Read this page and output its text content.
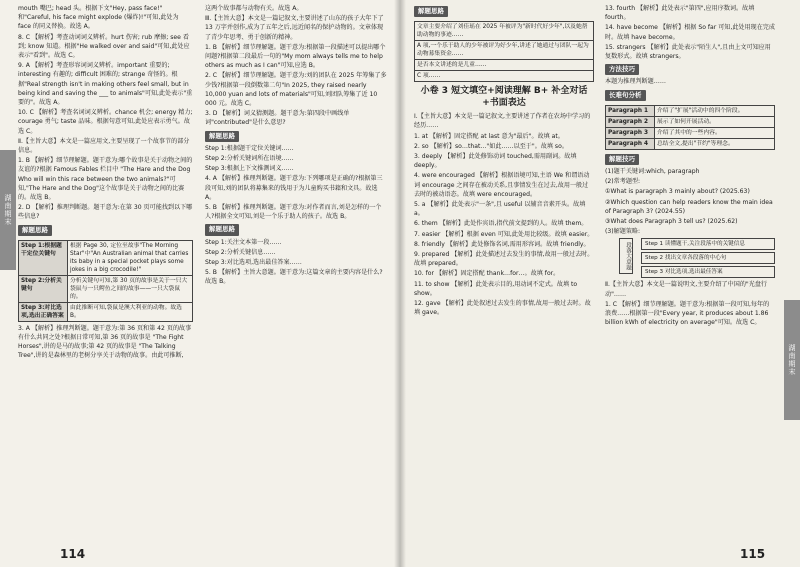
mouth 嘴巴; head 头。根据下文"Hey, pass face!" 和"Careful, his face might explode (爆炸)!"可知,此处为 face 的同义替换。故选 A。

8. C 【解析】考查动词词义辨析。hurt 伤害; rub 摩擦; see 看到; know 知道。根据"He walked over and said"可知,此处应表示"看到"。故选 C。

9. A 【解析】考查形容词词义辨析。important 重要的; interesting 有趣的; difficult 困难的; strange 奇怪的。根据"Real strength isn't in making others feel small, but in being kind and saving the ___ to animals"可知,此处表示"重要的"。故选 A。

10. C 【解析】考查名词词义辨析。chance 机会; energy 精力; courage 勇气; taste 品味。根据句意可知,此处应表示勇气。故选 C。

Ⅱ.【主旨大意】本文是一篇应用文,主要呈现了一个故事节的部分信息。

1. B 【解析】细节理解题。题干意为:哪个故事是关于动物之间的友谊的?根据 Famous Fables 栏目中 "The Hare and the Dog Who will win this race between the two animals?"可知,"The Hare and the Dog"这个故事是关于动物之间的比赛的。故选 B。

2. D 【解析】推理判断题。题干意为:在第 30 页可能找到以下哪些信息?

解题思路
Step 1:根据题干定位关键句	根据 Page 30, 定位至故事"The Morning Star"中"An Australian animal that carries its baby in a special pocket plays some jokes in a big crocodile!"
Step 2:分析关键句	分析关键句可知,第 30 页的故事是关于一只大袋鼠与一只鳄鱼之间的故事——一只大袋鼠的。
Step 3:对比选项,选出正确答案	由此推断可知,袋鼠是澳大利亚的动物。故选 B。

3. A 【解析】推理判断题。题干意为:第 36 页和第 42 页的故事有什么共同之处?根据日常可知,第 36 页的故事是 "The Fight Horses",讲的是马的故事;第 42 页的故事是 "The Talking Tree",讲的是森林里的老树分享关于动物的故事。由此可推断,

这两个故事都与动物有关。故选 A。

Ⅲ.【主旨大意】本文是一篇记叙文,主要讲述了山东的孩子大年下了 13 万字并创作,成为了五年之后,远近闻名的保护动物的。文章体现了青少年思考、勇于创新的精神。

1. B 【解析】细节理解题。题干意为:根据第一段描述可以提出哪个问题?根据第二段最后一句的"My mom always tells me to help others as much as I can"可知,应选 B。

2. C 【解析】细节理解题。题干意为:刘的团队在 2025 年筹集了多少钱?根据第一段倒数第二句"In 2025, they raised nearly 10,000 yuan and lots of materials"可知,刘团队筹集了近 10 000 元。故选 C。

3. D 【解析】词义猜测题。题干意为:第四段中画线单词"contributed"是什么意思?

解题思路

Step 1:根据题干定位关键词……

Step 2:分析关键词所在语境……

Step 3:根据上下文推测词义……

4. A 【解析】推理判断题。题干意为:下列哪项是正确的?根据第三段可知,刘的团队将募集来的钱用于为儿童购买书籍和文具。故选 A。

5. B 【解析】推理判断题。题干意为:对作者而言,刘是怎样的一个人?根据全文可知,刘是一个乐于助人的孩子。故选 B。

解题思路

Step 1:关注文本第一段……

Step 2:分析关键信息……

Step 3:对比选项,选出最佳答案……

5. B 【解析】主旨大意题。题干意为:这篇文章的主要内容是什么?故选 B。

湖南期末
114
解题思路
文章主要介绍了刘佳瑶在 2025 年被评为"新时代好少年",以及她帮助动物的事迹……
A 项,一个乐于助人的少年被评为好少年,讲述了她通过与团队一起为动物募集资金……
是否本文讲述的是儿童……
C 项……
小卷 3 短文填空+阅读理解 B+ 补全对话+书面表达

Ⅰ.【主旨大意】本文是一篇记叙文,主要讲述了作者在农场中学习的经历……

1. at 【解析】固定搭配 at last 意为"最后"。故填 at。

2. so 【解析】so…that…"如此……以至于"。故填 so。

3. deeply 【解析】此处修饰动词 touched,需用副词。故填 deeply。

4. were encouraged 【解析】根据语境可知,主语 We 和谓语动词 encourage 之间存在被动关系,且事情发生在过去,故用一般过去时的被动语态。故填 were encouraged。

5. a 【解析】此处表示"一条",且 useful 以辅音音素开头。故填 a。

6. them 【解析】此处作宾语,指代前文提到的人。故填 them。

7. easier 【解析】根据 even 可知,此处用比较级。故填 easier。

8. friendly 【解析】此处修饰名词,需用形容词。故填 friendly。

9. prepared 【解析】此处描述过去发生的事情,故用一般过去时。故填 prepared。

10. for 【解析】固定搭配 thank…for…。故填 for。

11. to show 【解析】此处表示目的,用动词不定式。故填 to show。

12. gave 【解析】此处叙述过去发生的事情,故用一般过去时。故填 gave。

13. fourth 【解析】此处表示"第四",应用序数词。故填 fourth。

14. have become 【解析】根据 So far 可知,此处用现在完成时。故填 have become。

15. strangers 【解析】此处表示"陌生人",且由上文可知应用复数形式。故填 strangers。

方法技巧

本题为推理判断题……

长难句分析
Paragraph 1	介绍了"扩展"活动中的四个阶段。
Paragraph 2	展示了如何开展活动。
Paragraph 3	介绍了其中的一些内容。
Paragraph 4	总结全文,提出"节约"等理念。
解题技巧

(1)题干关键词:which, paragraph

(2)常考题型:

①What is paragraph 3 mainly about? (2025.63)

②Which question can help readers know the main idea of Paragraph 3? (2024.55)

③What does Paragraph 3 tell us? (2025.62)

(3)解题策略:

段落大意题	Step 1 读懂题干,关注段落中的关键信息
Step 2 找出文章各段落的中心句
Step 3 对比选项,选出最佳答案

Ⅱ.【主旨大意】本文是一篇说明文,主要介绍了中国的"光盘行动"……

1. C 【解析】细节理解题。题干意为:根据第一段可知,每年的浪费……根据第一段"Every year, it produces about 1.86 billion kWh of electricity on average"可知。故选 C。

湖南期末
115
